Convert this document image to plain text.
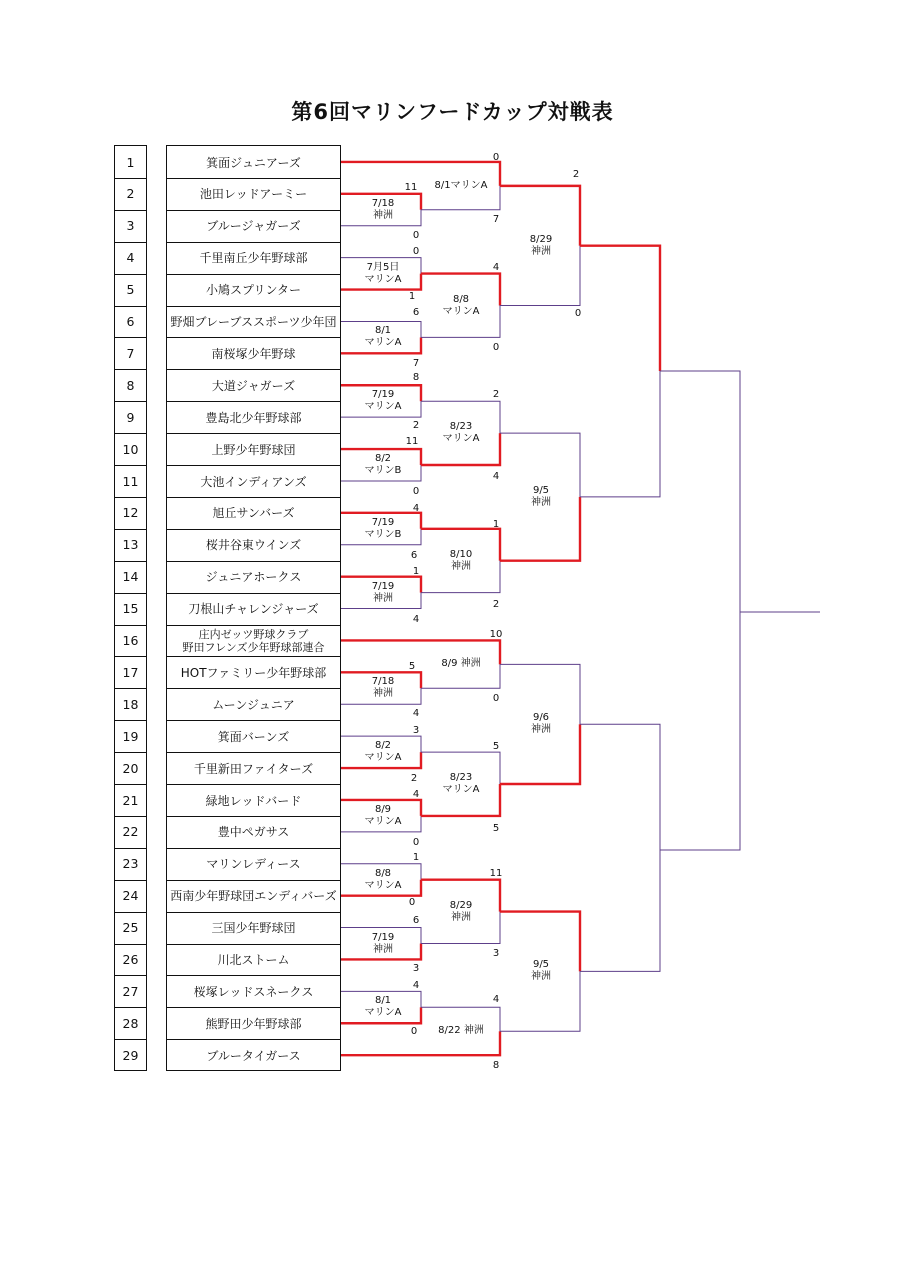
第6回マリンフードカップ対戦表
1	箕面ジュニアーズ
2	池田レッドアーミー
3	ブルージャガーズ
4	千里南丘少年野球部
5	小鳩スプリンター
6	野畑ブレーブススポーツ少年団
7	南桜塚少年野球
8	大道ジャガーズ
9	豊島北少年野球部
10	上野少年野球団
11	大池インディアンズ
12	旭丘サンバーズ
13	桜井谷東ウインズ
14	ジュニアホークス
15	刀根山チャレンジャーズ
16	庄内ゼッツ野球クラブ
野田フレンズ少年野球部連合
17	HOTファミリー少年野球部
18	ムーンジュニア
19	箕面バーンズ
20	千里新田ファイターズ
21	緑地レッドバード
22	豊中ペガサス
23	マリンレディース
24	西南少年野球団エンディバーズ
25	三国少年野球団
26	川北ストーム
27	桜塚レッドスネークス
28	熊野田少年野球部
29	ブルータイガース
7/18
神洲
7月5日
マリンA
8/1
マリンA
7/19
マリンA
8/2
マリンB
7/19
マリンB
7/19
神洲
7/18
神洲
8/2
マリンA
8/9
マリンA
8/8
マリンA
7/19
神洲
8/1
マリンA
8/1マリンA
8/8
マリンA
8/23
マリンA
8/10
神洲
8/9 神洲
8/23
マリンA
8/29
神洲
8/22 神洲
8/29
神洲
9/5
神洲
9/6
神洲
9/5
神洲
0
11
7
2
0
0
0
4
1
6
0
7
8
2
2
11
4
0
4
1
6
1
2
4
10
5
0
4
3
5
2
4
5
0
1
11
0
6
3
3
4
4
0
8
